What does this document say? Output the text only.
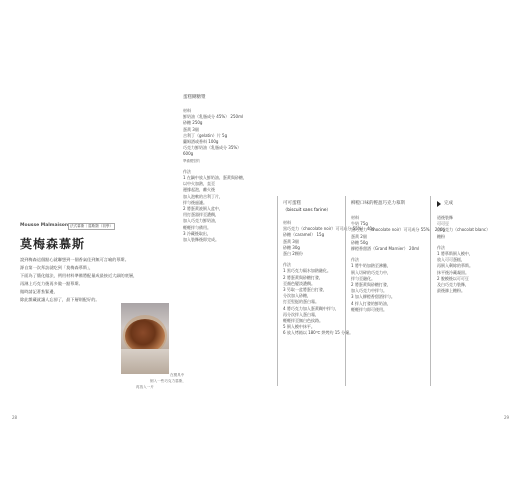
Mousse Malmaison 法式幕斯｜慕斯類（初學）
莫梅森慕斯
說到梅森這個點心就聯想到一個香氣佳到無可言喻的慕斯。
源自第一次拜訪就吃到「莫梅森慕斯」，
下面為了簡化做法，例用材料準備將配量成最接近大細的底層，
再淋上巧克力後再多做一點慕斯。
做時請記著紮緊邊，
除此雜藏就讓人忘卻了，最下層則配好的。
在模具中
倒入一些巧克力慕斯，
再放入一片
28
蛋糕糊糖漿
材料
鮮奶油（乳脂成分 45%） 250ml
砂糖 250g
蛋黃 3個
吉利丁（gelatin）片 5g
蘭姆酒或香料 100g
巧克力鮮奶油（乳脂成分 35%）
600g
準備模型的
作法
1 在鍋中放入鮮奶油、蛋黃與砂糖，
以中火加熱，直至
邊緣起泡，離火後
加入泡軟的吉利丁片，
拌勻後過濾。
2 將蛋黃液倒入盆中，
用打蛋器拌至濃稠，
加入巧克力鮮奶油，
輕輕拌勻備用。
3 冷藏後取出，
加入裝飾後即完成。
可可蛋糕
（biscuit sans farine）
材料
黑巧克力（chocolate noir）可可成分 55%） 40g
砂糖（caramel） 15g
蛋黃 3個
砂糖 30g
蛋白 2顆份
作法
1 黑巧克力隔水加熱融化。
2 將蛋黃與砂糖打發，
至顏色變淡濃稠。
3 另取一盆將蛋白打發，
分次加入砂糖，
打至堅挺的蛋白霜。
4 將巧克力加入蛋黃糊中拌勻，
再分次拌入蛋白霜，
輕輕拌至無白色紋路。
5 倒入模中抹平。
6 放入烤箱以 180℃ 烘烤約 15 分鐘。
柳橙口味的輕盈巧克力慕斯
材料
牛奶 75g
黑巧克力（chocolate noir）可可成分 55%） 200g
蛋黃 2個
砂糖 50g
柳橙香甜酒（Grand Marnier） 20ml
作法
1 將牛奶加熱至沸騰，
倒入切碎的巧克力中，
拌勻至融化。
2 將蛋黃與砂糖打發，
加入巧克力中拌勻。
3 加入柳橙香甜酒拌勻。
4 拌入打發的鮮奶油，
輕輕拌勻即可使用。
完成
道後裝飾
可可豆
白巧克力（chocolat blanc）
糖粉
作法
1 將慕斯倒入模中，
放入可可蛋糕，
再倒入剩餘的慕斯。
抹平後冷藏凝固。
2 脫模後以可可豆
及白巧克力裝飾，
最後篩上糖粉。
29
